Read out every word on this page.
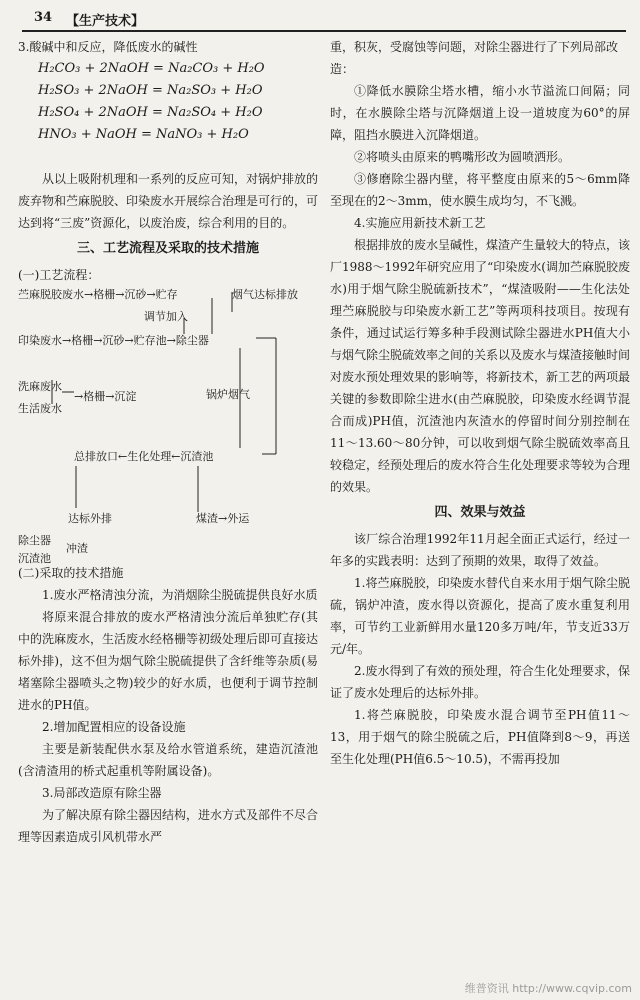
34 【生产技术】

3.酸碱中和反应，降低废水的碱性

H₂CO₃ + 2NaOH = Na₂CO₃ + H₂O

H₂SO₃ + 2NaOH = Na₂SO₃ + H₂O

H₂SO₄ + 2NaOH = Na₂SO₄ + H₂O

HNO₃ + NaOH = NaNO₃ + H₂O

从以上吸附机理和一系列的反应可知，对锅炉排放的废弃物和苎麻脱胶、印染废水开展综合治理是可行的，可达到将“三废”资源化，以废治废，综合利用的目的。

三、工艺流程及采取的技术措施

(一)工艺流程：

苎麻脱胶废水→格栅→沉砂→贮存	烟气达标排放
调节加入
印染废水→格栅→沉砂→贮存池→除尘器
洗麻废水
生活废水
→格栅→沉淀	锅炉烟气
总排放口←生化处理←沉渣池
达标外排	煤渣→外运
除尘器
冲渣
沉渣池

(二)采取的技术措施

1.废水严格清浊分流，为消烟除尘脱硫提供良好水质

将原来混合排放的废水严格清浊分流后单独贮存(其中的洗麻废水，生活废水经格栅等初级处理后即可直接达标外排)，这不但为烟气除尘脱硫提供了含纤维等杂质(易堵塞除尘器喷头之物)较少的好水质，也便利于调节控制进水的PH值。

2.增加配置相应的设备设施

主要是新装配供水泵及给水管道系统，建造沉渣池(含清渣用的桥式起重机等附属设备)。

3.局部改造原有除尘器

为了解决原有除尘器因结构，进水方式及部件不尽合理等因素造成引风机带水严

重，积灰，受腐蚀等问题，对除尘器进行了下列局部改造：

①降低水膜除尘塔水槽，缩小水节溢流口间隔；同时，在水膜除尘塔与沉降烟道上设一道坡度为60°的屏障，阻挡水膜进入沉降烟道。

②将喷头由原来的鸭嘴形改为圆喷洒形。

③修磨除尘器内壁，将平整度由原来的5～6mm降至现在的2～3mm，使水膜生成均匀，不飞溅。

4.实施应用新技术新工艺

根据排放的废水呈碱性，煤渣产生量较大的特点，该厂1988～1992年研究应用了“印染废水(调加苎麻脱胶废水)用于烟气除尘脱硫新技术”，“煤渣吸附——生化法处理苎麻脱胶与印染废水新工艺”等两项科技项目。按现有条件，通过试运行筹多种手段测试除尘器进水PH值大小与烟气除尘脱硫效率之间的关系以及废水与煤渣接触时间对废水预处理效果的影响等，将新技术，新工艺的两项最关键的参数即除尘进水(由苎麻脱胶，印染废水经调节混合而成)PH值，沉渣池内灰渣水的停留时间分别控制在11～13.60～80分钟，可以收到烟气除尘脱硫效率高且较稳定，经预处理后的废水符合生化处理要求等较为合理的效果。

四、效果与效益

该厂综合治理1992年11月起全面正式运行，经过一年多的实践表明：达到了预期的效果，取得了效益。

1.将苎麻脱胶，印染废水替代自来水用于烟气除尘脱硫，锅炉冲渣，废水得以资源化，提高了废水重复利用率，可节约工业新鲜用水量120多万吨/年，节支近33万元/年。

2.废水得到了有效的预处理，符合生化处理要求，保证了废水处理后的达标外排。

1.将苎麻脱胶，印染废水混合调节至PH值11～13，用于烟气的除尘脱硫之后，PH值降到8～9，再送至生化处理(PH值6.5～10.5)，不需再投加

维普资讯 http://www.cqvip.com
